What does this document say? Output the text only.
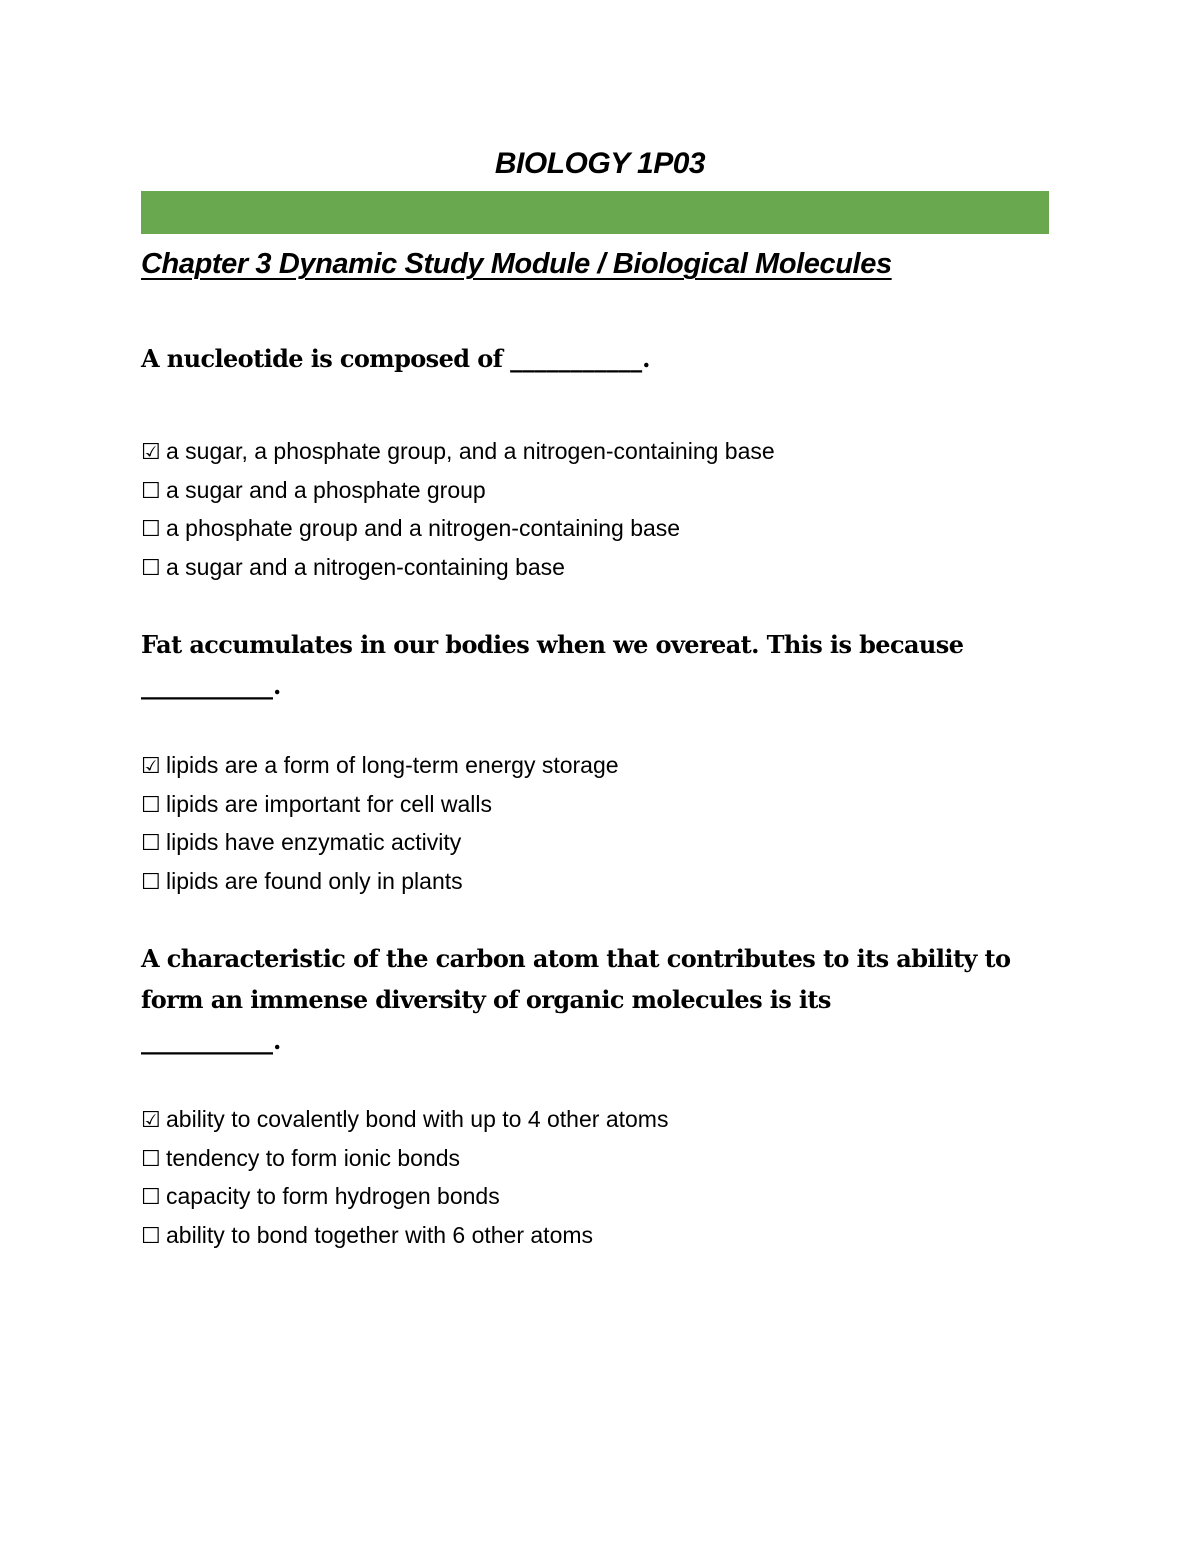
BIOLOGY 1P03
Chapter 3 Dynamic Study Module / Biological Molecules
A nucleotide is composed of ___________.
☑ a sugar, a phosphate group, and a nitrogen-containing base
☐ a sugar and a phosphate group
☐ a phosphate group and a nitrogen-containing base
☐ a sugar and a nitrogen-containing base
Fat accumulates in our bodies when we overeat. This is because
___________.
☑ lipids are a form of long-term energy storage
☐ lipids are important for cell walls
☐ lipids have enzymatic activity
☐ lipids are found only in plants
A characteristic of the carbon atom that contributes to its ability to
form an immense diversity of organic molecules is its
___________.
☑ ability to covalently bond with up to 4 other atoms
☐ tendency to form ionic bonds
☐ capacity to form hydrogen bonds
☐ ability to bond together with 6 other atoms
